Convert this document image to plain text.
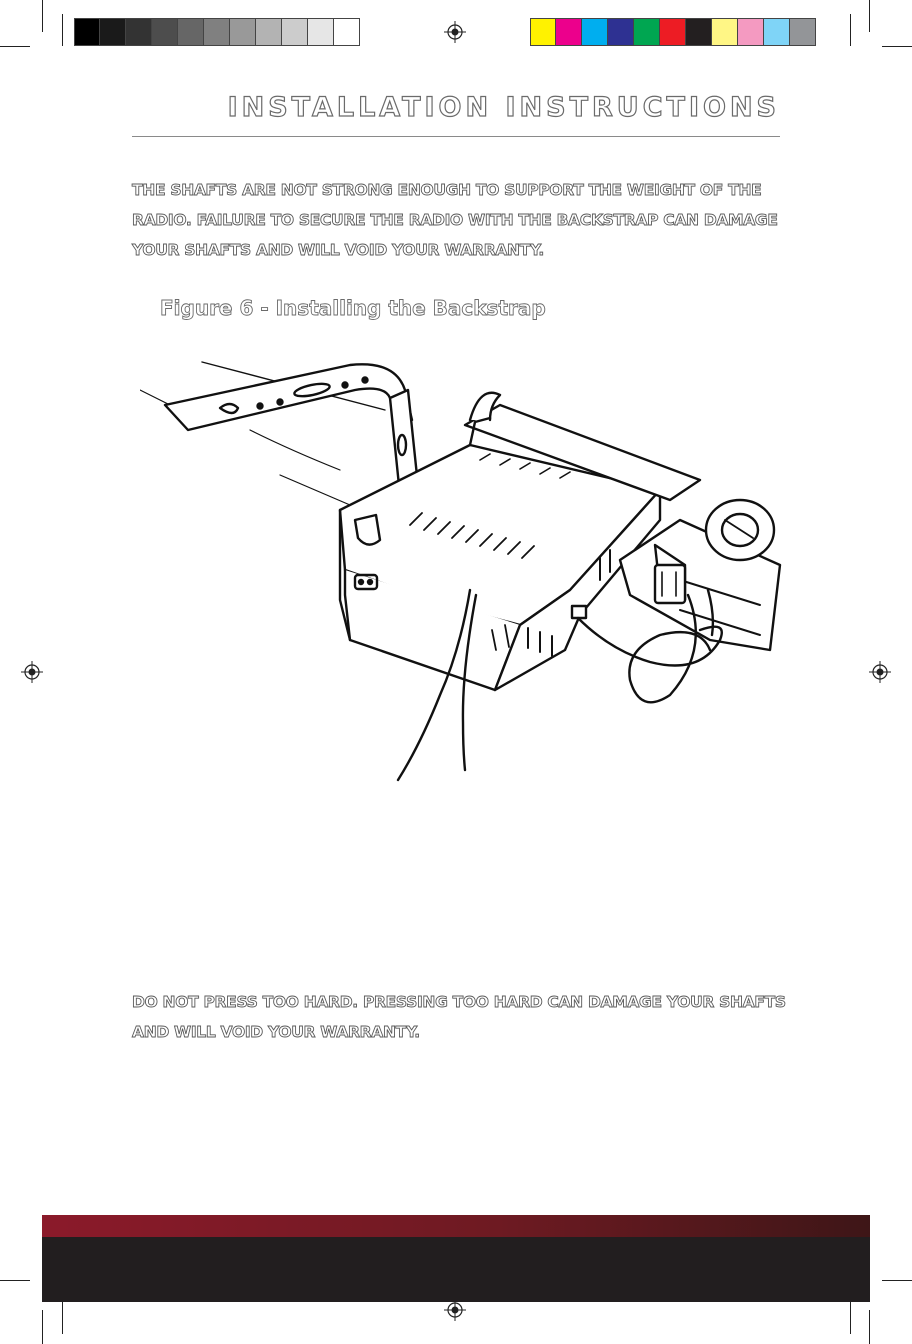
INSTALLATION INSTRUCTIONS

THE SHAFTS ARE NOT STRONG ENOUGH TO SUPPORT THE WEIGHT OF THE RADIO. FAILURE TO SECURE THE RADIO WITH THE BACKSTRAP CAN DAMAGE YOUR SHAFTS AND WILL VOID YOUR WARRANTY.

Figure 6 - Installing the Backstrap

DO NOT PRESS TOO HARD. PRESSING TOO HARD CAN DAMAGE YOUR SHAFTS AND WILL VOID YOUR WARRANTY.
